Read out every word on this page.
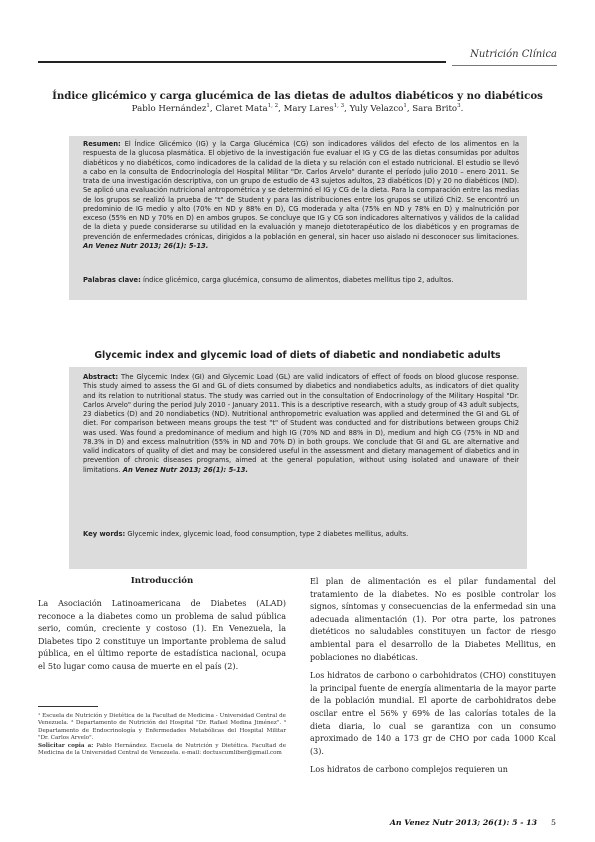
Nutrición Clínica
Índice glicémico y carga glucémica de las dietas de adultos diabéticos y no diabéticos
Pablo Hernández$^1$, Claret Mata$^{1, 2}$, Mary Lares$^{1, 3}$, Yuly Velazco$^1$, Sara Brito$^3$.
Resumen: El Índice Glicémico (IG) y la Carga Glucémica (CG) son indicadores válidos del efecto de los alimentos en la respuesta de la glucosa plasmática. El objetivo de la investigación fue evaluar el IG y CG de las dietas consumidas por adultos diabéticos y no diabéticos, como indicadores de la calidad de la dieta y su relación con el estado nutricional. El estudio se llevó a cabo en la consulta de Endocrinología del Hospital Militar "Dr. Carlos Arvelo" durante el período julio 2010 – enero 2011. Se trata de una investigación descriptiva, con un grupo de estudio de 43 sujetos adultos, 23 diabéticos (D) y 20 no diabéticos (ND). Se aplicó una evaluación nutricional antropométrica y se determinó el IG y CG de la dieta. Para la comparación entre las medias de los grupos se realizó la prueba de "t" de Student y para las distribuciones entre los grupos se utilizó Chi2. Se encontró un predominio de IG medio y alto (70% en ND y 88% en D), CG moderada y alta (75% en ND y 78% en D) y malnutrición por exceso (55% en ND y 70% en D) en ambos grupos. Se concluye que IG y CG son indicadores alternativos y válidos de la calidad de la dieta y puede considerarse su utilidad en la evaluación y manejo dietoterapéutico de los diabéticos y en programas de prevención de enfermedades crónicas, dirigidos a la población en general, sin hacer uso aislado ni desconocer sus limitaciones. An Venez Nutr 2013; 26(1): 5-13.
Palabras clave: índice glicémico, carga glucémica, consumo de alimentos, diabetes mellitus tipo 2, adultos.
Glycemic index and glycemic load of diets of diabetic and nondiabetic adults
Abstract: The Glycemic Index (GI) and Glycemic Load (GL) are valid indicators of effect of foods on blood glucose response. This study aimed to assess the GI and GL of diets consumed by diabetics and nondiabetics adults, as indicators of diet quality and its relation to nutritional status. The study was carried out in the consultation of Endocrinology of the Military Hospital "Dr. Carlos Arvelo" during the period July 2010 - January 2011. This is a descriptive research, with a study group of 43 adult subjects, 23 diabetics (D) and 20 nondiabetics (ND). Nutritional anthropometric evaluation was applied and determined the GI and GL of diet. For comparison between means groups the test "t" of Student was conducted and for distributions between groups Chi2 was used. Was found a predominance of medium and high IG (70% ND and 88% in D), medium and high CG (75% in ND and 78.3% in D) and excess malnutrition (55% in ND and 70% D) in both groups. We conclude that GI and GL are alternative and valid indicators of quality of diet and may be considered useful in the assessment and dietary management of diabetics and in prevention of chronic diseases programs, aimed at the general population, without using isolated and unaware of their limitations. An Venez Nutr 2013; 26(1): 5-13.
Key words: Glycemic index, glycemic load, food consumption, type 2 diabetes mellitus, adults.
Introducción

La Asociación Latinoamericana de Diabetes (ALAD) reconoce a la diabetes como un problema de salud pública serio, común, creciente y costoso (1). En Venezuela, la Diabetes tipo 2 constituye un importante problema de salud pública, en el último reporte de estadística nacional, ocupa el 5to lugar como causa de muerte en el país (2).

El plan de alimentación es el pilar fundamental del tratamiento de la diabetes. No es posible controlar los signos, síntomas y consecuencias de la enfermedad sin una adecuada alimentación (1). Por otra parte, los patrones dietéticos no saludables constituyen un factor de riesgo ambiental para el desarrollo de la Diabetes Mellitus, en poblaciones no diabéticas.

Los hidratos de carbono o carbohidratos (CHO) constituyen la principal fuente de energía alimentaria de la mayor parte de la población mundial. El aporte de carbohidratos debe oscilar entre el 56% y 69% de las calorías totales de la dieta diaria, lo cual se garantiza con un consumo aproximado de 140 a 173 gr de CHO por cada 1000 Kcal (3).

Los hidratos de carbono complejos requieren un

¹ Escuela de Nutrición y Dietética de la Facultad de Medicina - Universidad Central de Venezuela. ² Departamento de Nutrición del Hospital "Dr. Rafael Medina Jiménez". ³ Departamento de Endocrinología y Enfermedades Metabólicas del Hospital Militar "Dr. Carlos Arvelo".

Solicitar copia a: Pablo Hernández. Escuela de Nutrición y Dietética. Facultad de Medicina de la Universidad Central de Venezuela. e-mail: doctuscumliber@gmail.com

An Venez Nutr 2013; 26(1): 5 - 13 5
